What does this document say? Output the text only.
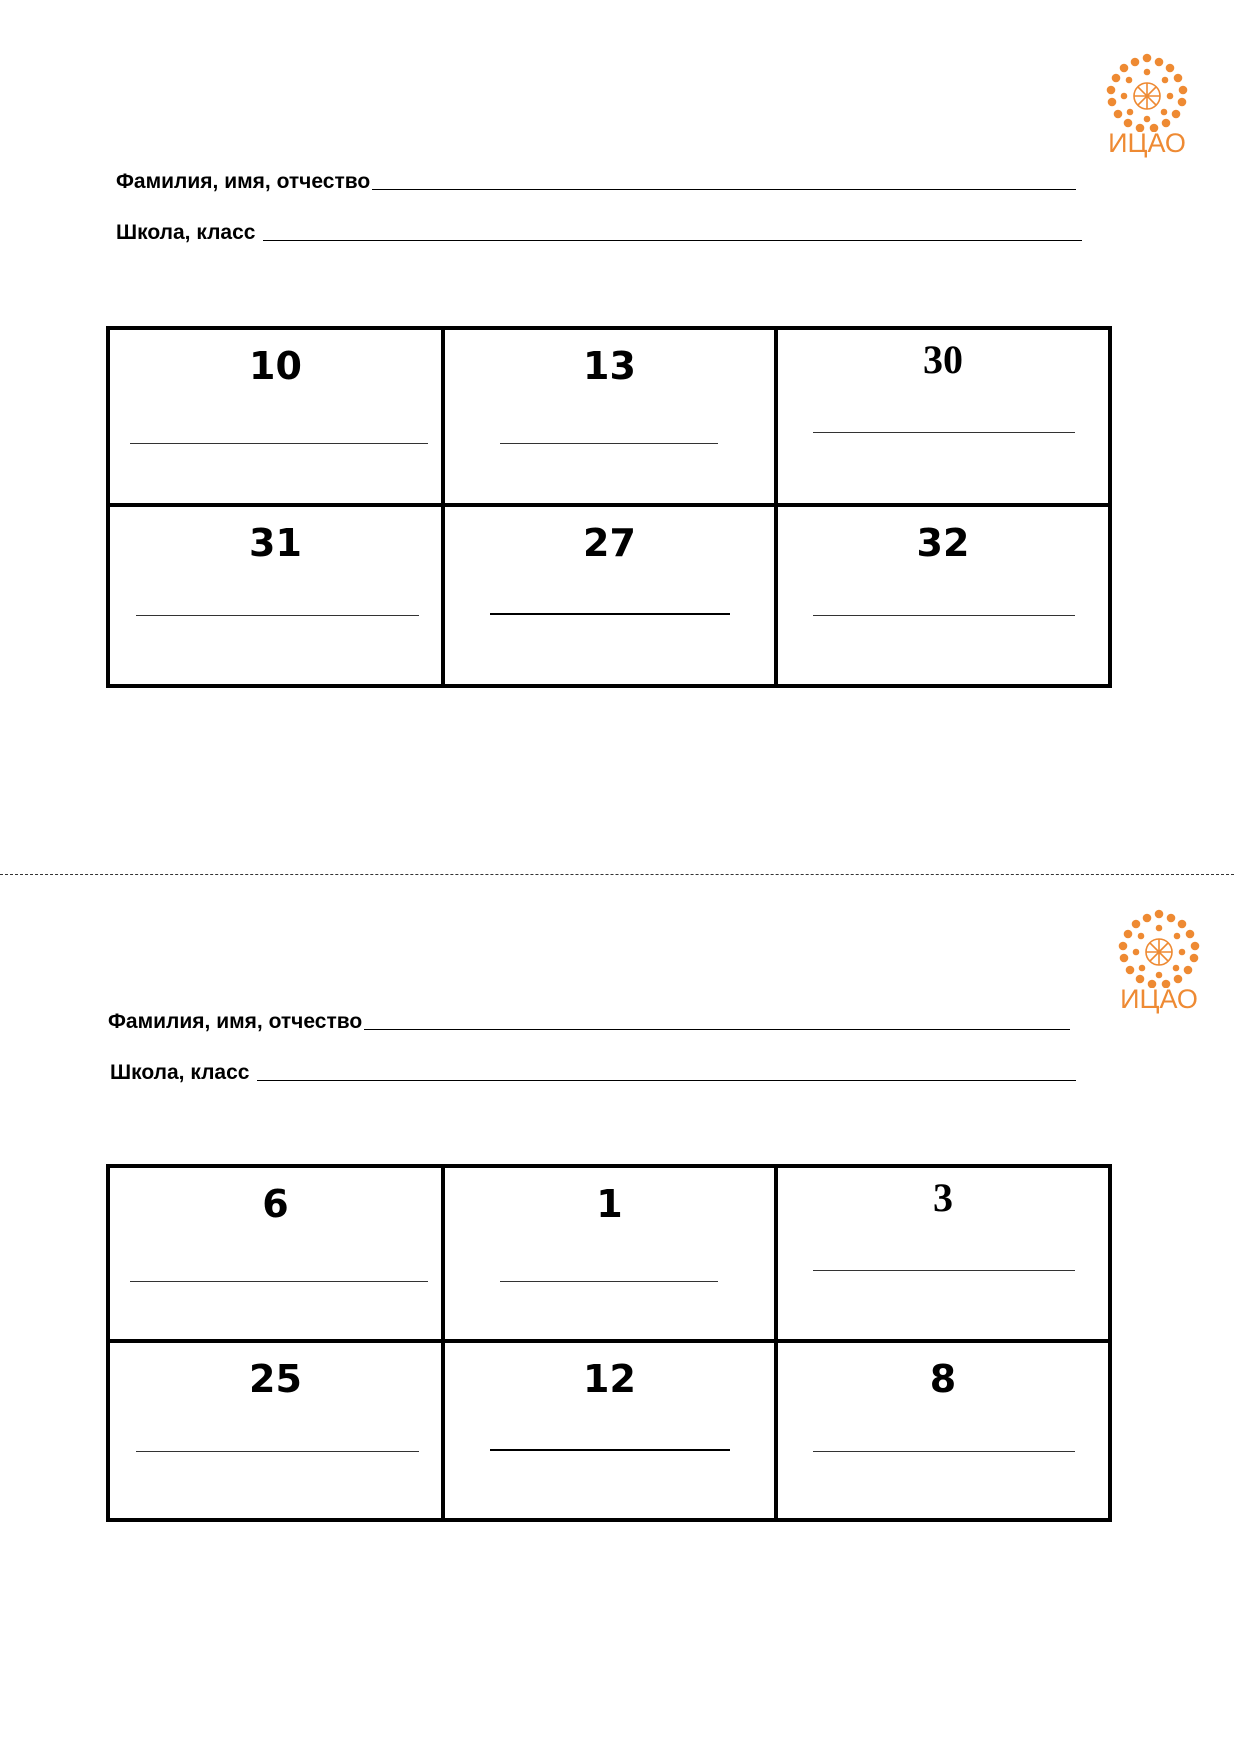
ИЦАО
Фамилия, имя, отчество
Школа, класс
10	13	30
31	27	32
ИЦАО
Фамилия, имя, отчество
Школа, класс
6	1	3
25	12	8
